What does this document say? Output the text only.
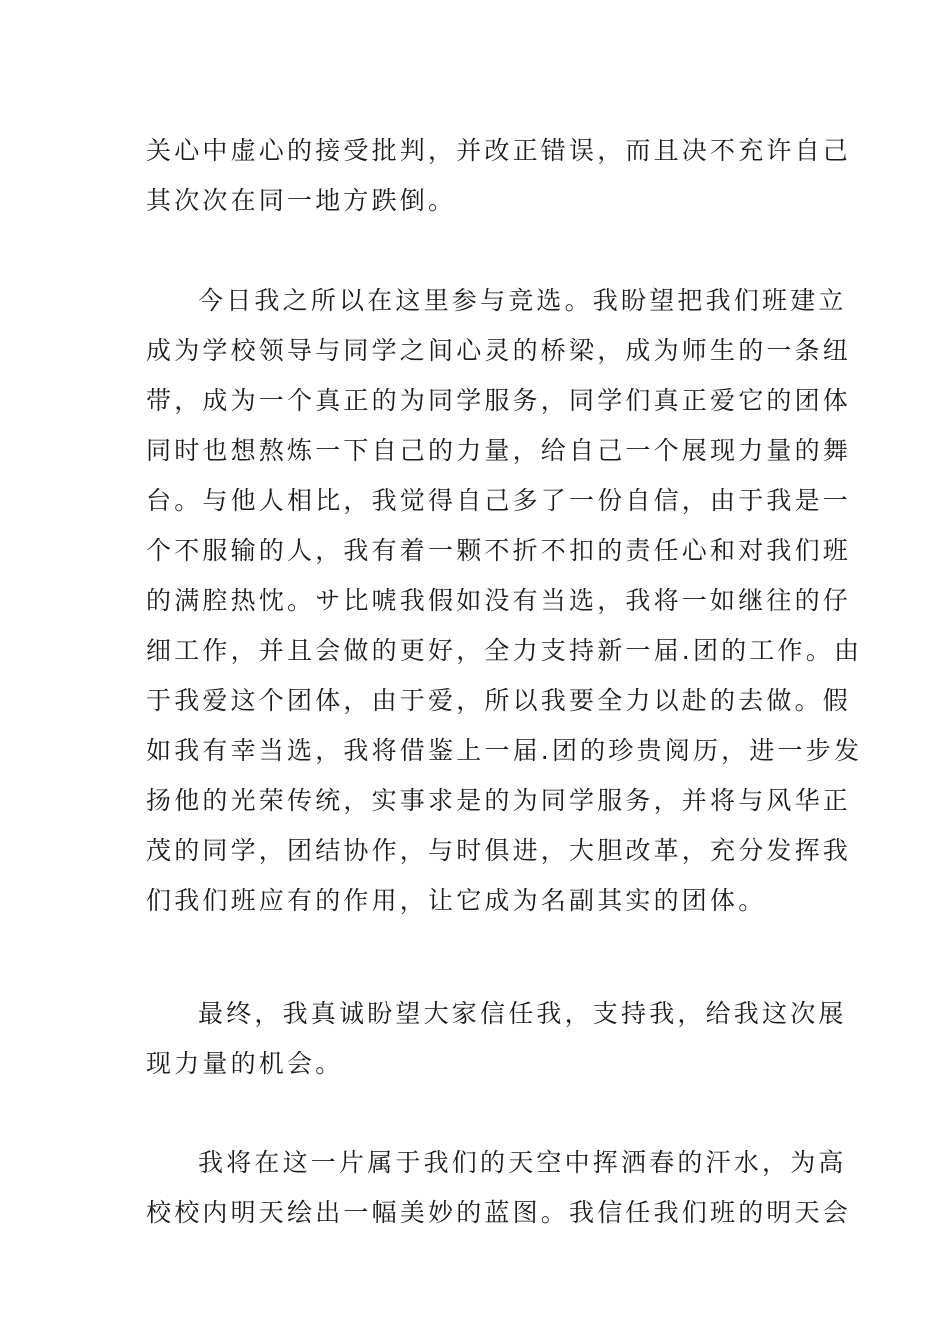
关心中虚心的接受批判，并改正错误，而且决不充许自己
其次次在同一地方跌倒。
今日我之所以在这里参与竞选。我盼望把我们班建立
成为学校领导与同学之间心灵的桥梁，成为师生的一条纽
带，成为一个真正的为同学服务，同学们真正爱它的团体
同时也想熬炼一下自己的力量，给自己一个展现力量的舞
台。与他人相比，我觉得自己多了一份自信，由于我是一
个不服输的人，我有着一颗不折不扣的责任心和对我们班
的满腔热忱。サ比唬我假如没有当选，我将一如继往的仔
细工作，并且会做的更好，全力支持新一届.团的工作。由
于我爱这个团体，由于爱，所以我要全力以赴的去做。假
如我有幸当选，我将借鉴上一届.团的珍贵阅历，进一步发
扬他的光荣传统，实事求是的为同学服务，并将与风华正
茂的同学，团结协作，与时俱进，大胆改革，充分发挥我
们我们班应有的作用，让它成为名副其实的团体。
最终，我真诚盼望大家信任我，支持我，给我这次展
现力量的机会。
我将在这一片属于我们的天空中挥洒春的汗水，为高
校校内明天绘出一幅美妙的蓝图。我信任我们班的明天会
